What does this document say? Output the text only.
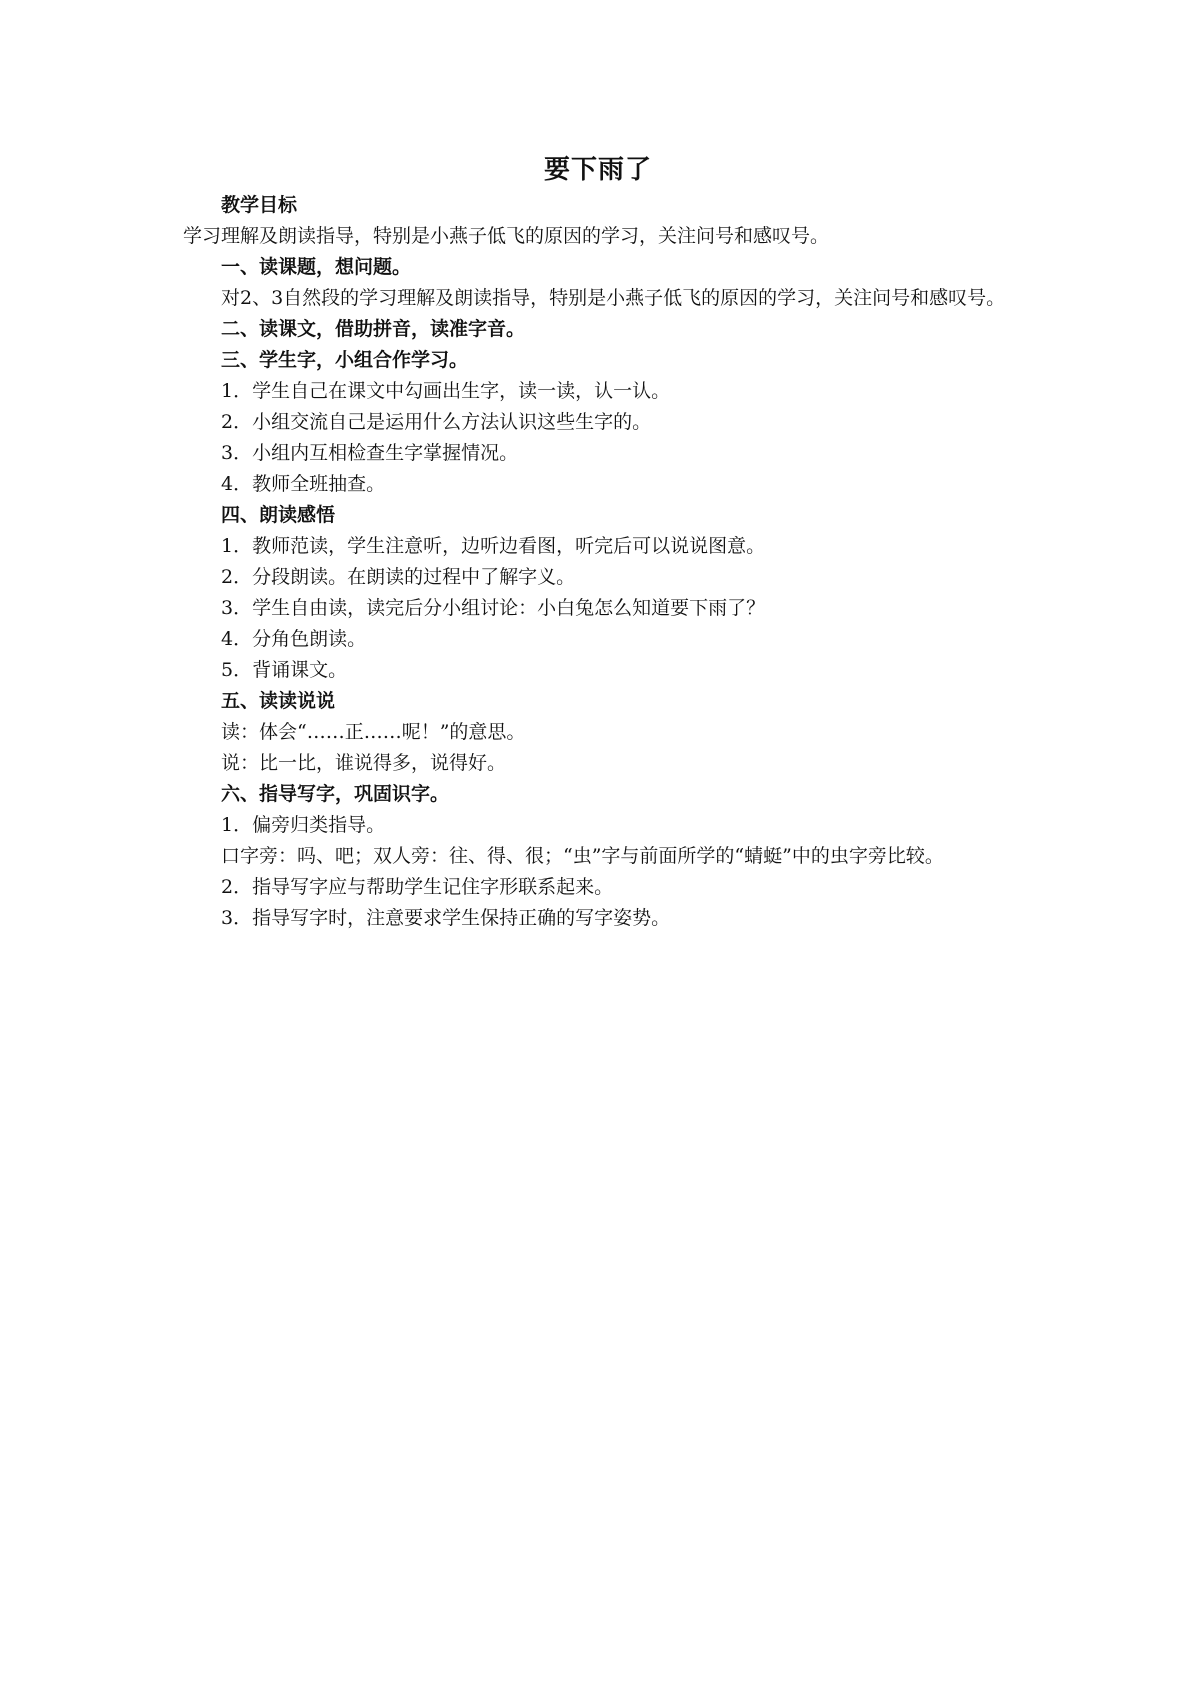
要下雨了
教学目标
学习理解及朗读指导，特别是小燕子低飞的原因的学习，关注问号和感叹号。
一、读课题，想问题。
对2、3自然段的学习理解及朗读指导，特别是小燕子低飞的原因的学习，关注问号和感叹号。
二、读课文，借助拼音，读准字音。
三、学生字，小组合作学习。
1．学生自己在课文中勾画出生字，读一读，认一认。
2．小组交流自己是运用什么方法认识这些生字的。
3．小组内互相检查生字掌握情况。
4．教师全班抽查。
四、朗读感悟
1．教师范读，学生注意听，边听边看图，听完后可以说说图意。
2．分段朗读。在朗读的过程中了解字义。
3．学生自由读，读完后分小组讨论：小白兔怎么知道要下雨了？
4．分角色朗读。
5．背诵课文。
五、读读说说
读：体会“……正……呢！”的意思。
说：比一比，谁说得多，说得好。
六、指导写字，巩固识字。
1．偏旁归类指导。
口字旁：吗、吧；双人旁：往、得、很；“虫”字与前面所学的“蜻蜓”中的虫字旁比较。
2．指导写字应与帮助学生记住字形联系起来。
3．指导写字时，注意要求学生保持正确的写字姿势。
